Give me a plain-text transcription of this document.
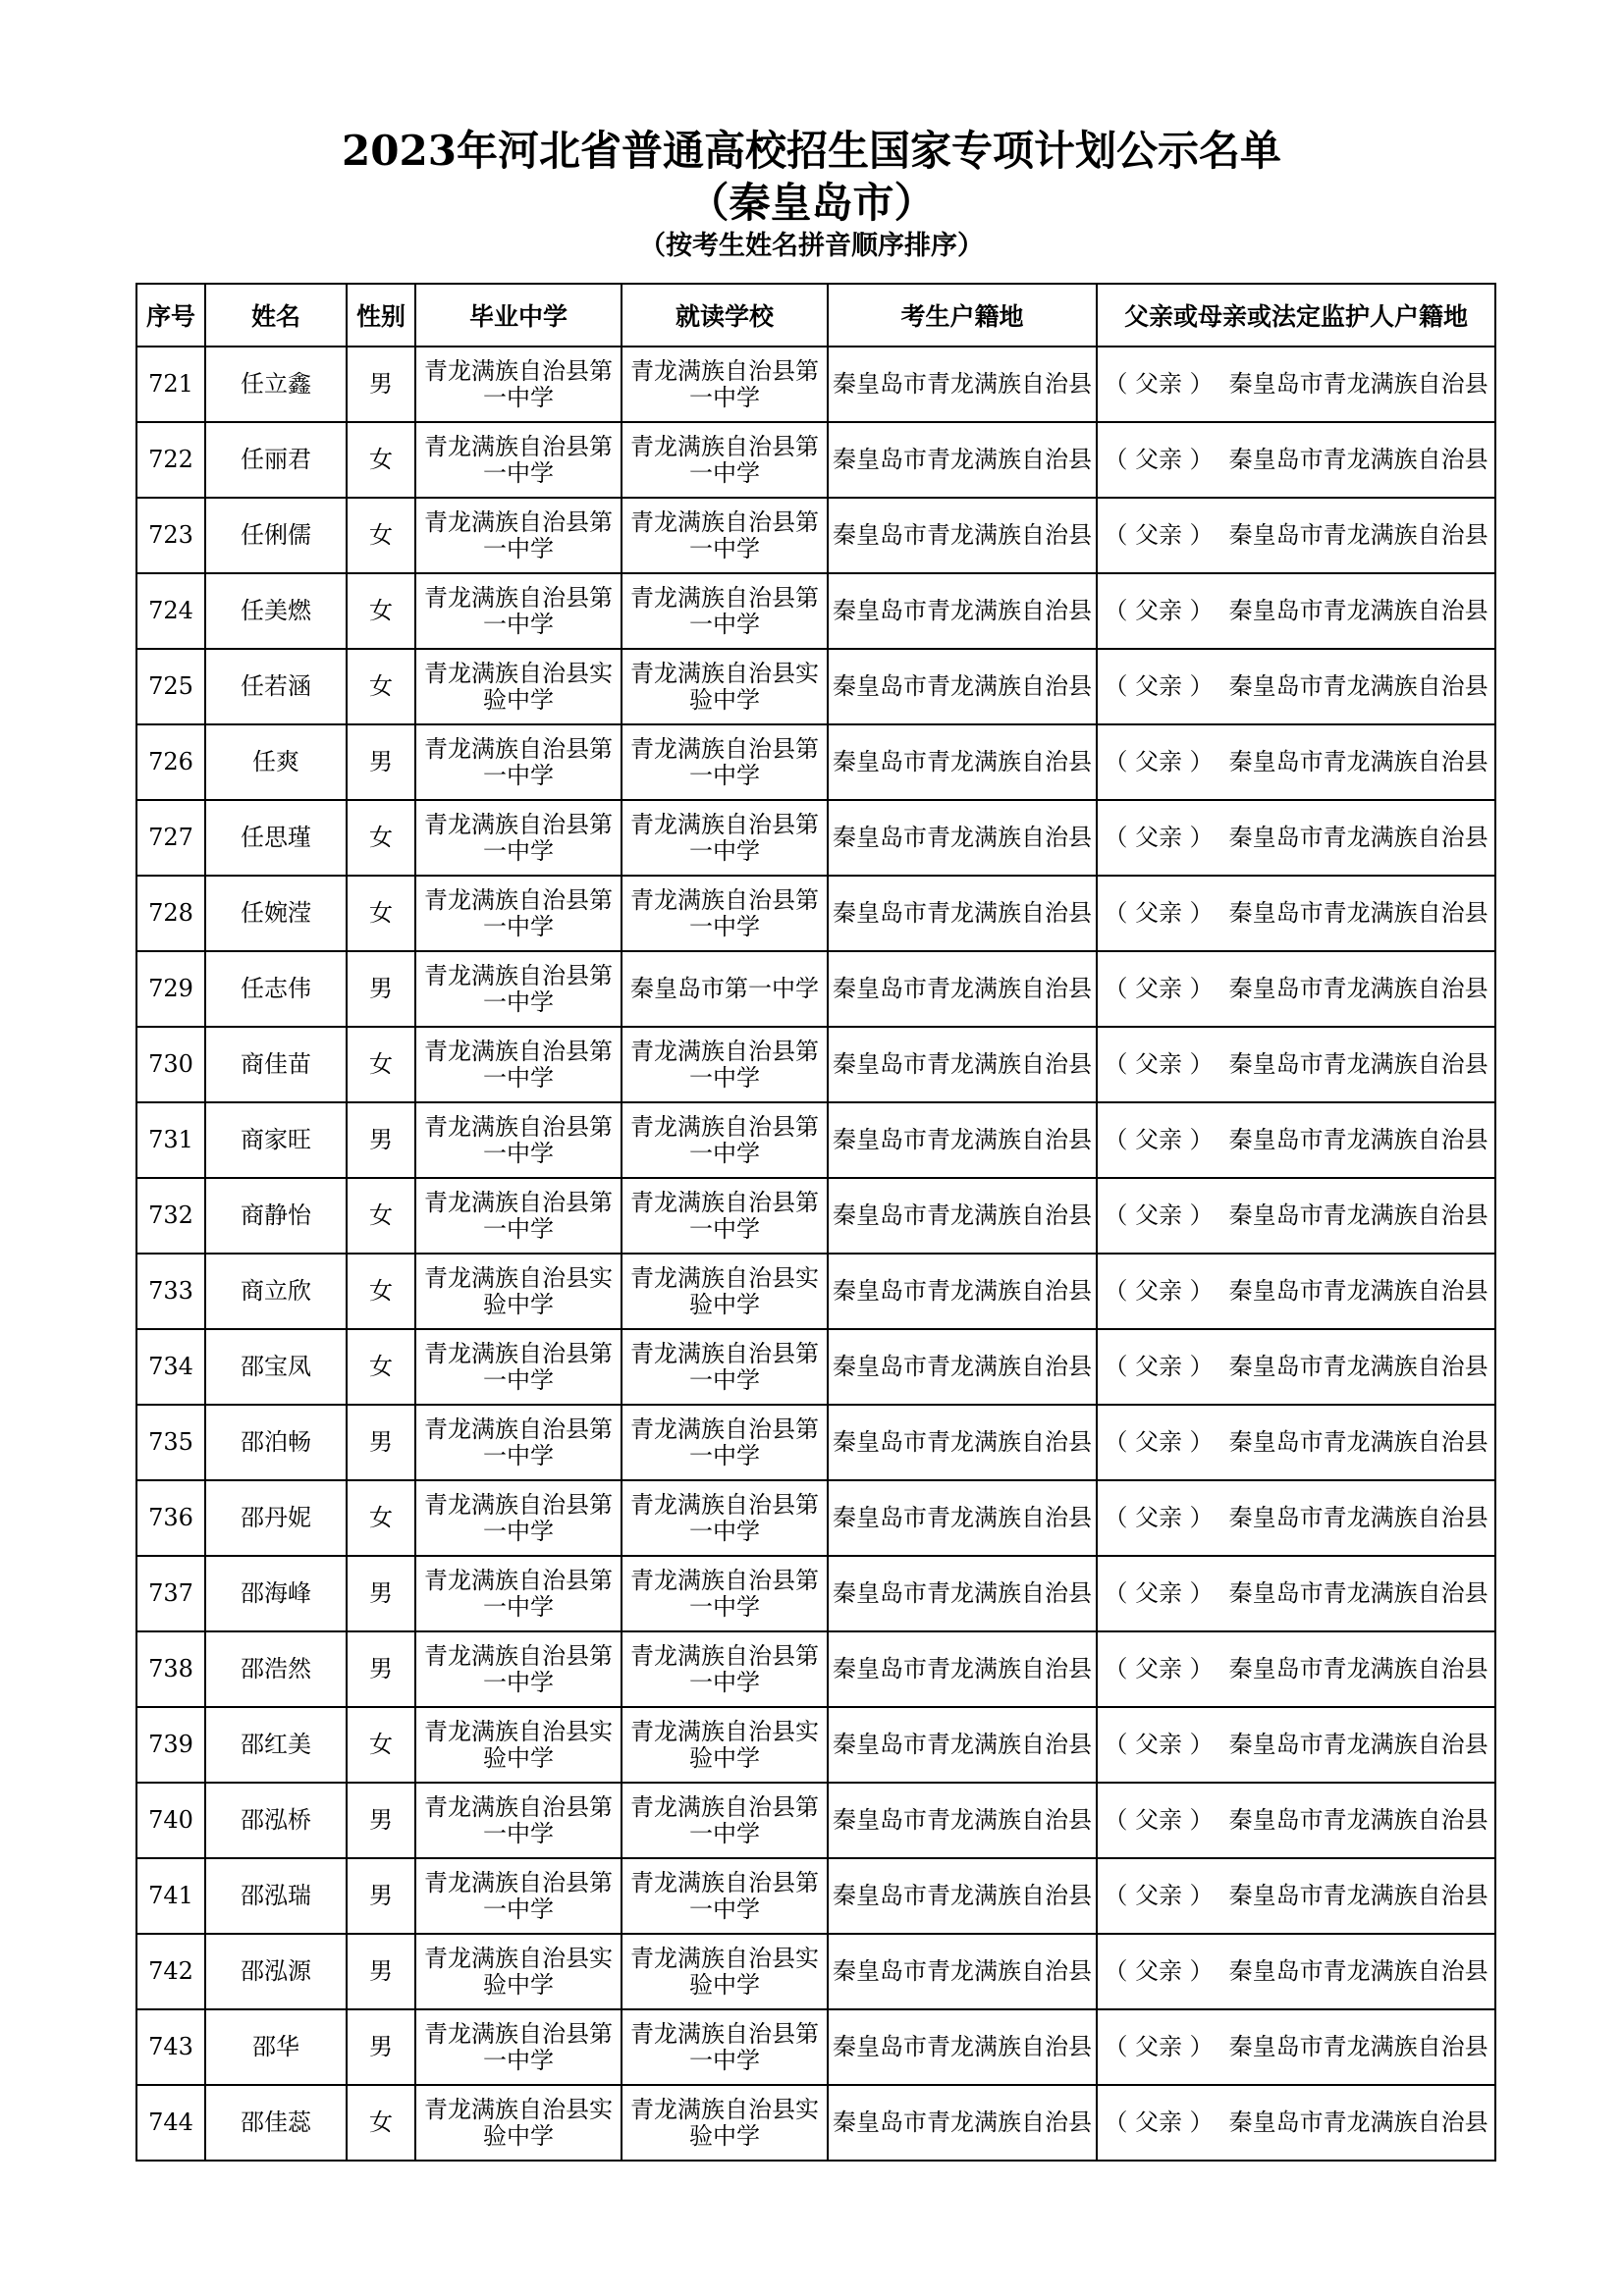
2023年河北省普通高校招生国家专项计划公示名单
（秦皇岛市）
（按考生姓名拼音顺序排序）
序号	姓名	性别	毕业中学	就读学校	考生户籍地	父亲或母亲或法定监护人户籍地
721	任立鑫	男	青龙满族自治县第一中学	青龙满族自治县第一中学	秦皇岛市青龙满族自治县	（ 父亲 ） 秦皇岛市青龙满族自治县
722	任丽君	女	青龙满族自治县第一中学	青龙满族自治县第一中学	秦皇岛市青龙满族自治县	（ 父亲 ） 秦皇岛市青龙满族自治县
723	任俐儒	女	青龙满族自治县第一中学	青龙满族自治县第一中学	秦皇岛市青龙满族自治县	（ 父亲 ） 秦皇岛市青龙满族自治县
724	任美燃	女	青龙满族自治县第一中学	青龙满族自治县第一中学	秦皇岛市青龙满族自治县	（ 父亲 ） 秦皇岛市青龙满族自治县
725	任若涵	女	青龙满族自治县实验中学	青龙满族自治县实验中学	秦皇岛市青龙满族自治县	（ 父亲 ） 秦皇岛市青龙满族自治县
726	任爽	男	青龙满族自治县第一中学	青龙满族自治县第一中学	秦皇岛市青龙满族自治县	（ 父亲 ） 秦皇岛市青龙满族自治县
727	任思瑾	女	青龙满族自治县第一中学	青龙满族自治县第一中学	秦皇岛市青龙满族自治县	（ 父亲 ） 秦皇岛市青龙满族自治县
728	任婉滢	女	青龙满族自治县第一中学	青龙满族自治县第一中学	秦皇岛市青龙满族自治县	（ 父亲 ） 秦皇岛市青龙满族自治县
729	任志伟	男	青龙满族自治县第一中学	秦皇岛市第一中学	秦皇岛市青龙满族自治县	（ 父亲 ） 秦皇岛市青龙满族自治县
730	商佳苗	女	青龙满族自治县第一中学	青龙满族自治县第一中学	秦皇岛市青龙满族自治县	（ 父亲 ） 秦皇岛市青龙满族自治县
731	商家旺	男	青龙满族自治县第一中学	青龙满族自治县第一中学	秦皇岛市青龙满族自治县	（ 父亲 ） 秦皇岛市青龙满族自治县
732	商静怡	女	青龙满族自治县第一中学	青龙满族自治县第一中学	秦皇岛市青龙满族自治县	（ 父亲 ） 秦皇岛市青龙满族自治县
733	商立欣	女	青龙满族自治县实验中学	青龙满族自治县实验中学	秦皇岛市青龙满族自治县	（ 父亲 ） 秦皇岛市青龙满族自治县
734	邵宝凤	女	青龙满族自治县第一中学	青龙满族自治县第一中学	秦皇岛市青龙满族自治县	（ 父亲 ） 秦皇岛市青龙满族自治县
735	邵泊畅	男	青龙满族自治县第一中学	青龙满族自治县第一中学	秦皇岛市青龙满族自治县	（ 父亲 ） 秦皇岛市青龙满族自治县
736	邵丹妮	女	青龙满族自治县第一中学	青龙满族自治县第一中学	秦皇岛市青龙满族自治县	（ 父亲 ） 秦皇岛市青龙满族自治县
737	邵海峰	男	青龙满族自治县第一中学	青龙满族自治县第一中学	秦皇岛市青龙满族自治县	（ 父亲 ） 秦皇岛市青龙满族自治县
738	邵浩然	男	青龙满族自治县第一中学	青龙满族自治县第一中学	秦皇岛市青龙满族自治县	（ 父亲 ） 秦皇岛市青龙满族自治县
739	邵红美	女	青龙满族自治县实验中学	青龙满族自治县实验中学	秦皇岛市青龙满族自治县	（ 父亲 ） 秦皇岛市青龙满族自治县
740	邵泓桥	男	青龙满族自治县第一中学	青龙满族自治县第一中学	秦皇岛市青龙满族自治县	（ 父亲 ） 秦皇岛市青龙满族自治县
741	邵泓瑞	男	青龙满族自治县第一中学	青龙满族自治县第一中学	秦皇岛市青龙满族自治县	（ 父亲 ） 秦皇岛市青龙满族自治县
742	邵泓源	男	青龙满族自治县实验中学	青龙满族自治县实验中学	秦皇岛市青龙满族自治县	（ 父亲 ） 秦皇岛市青龙满族自治县
743	邵华	男	青龙满族自治县第一中学	青龙满族自治县第一中学	秦皇岛市青龙满族自治县	（ 父亲 ） 秦皇岛市青龙满族自治县
744	邵佳蕊	女	青龙满族自治县实验中学	青龙满族自治县实验中学	秦皇岛市青龙满族自治县	（ 父亲 ） 秦皇岛市青龙满族自治县
